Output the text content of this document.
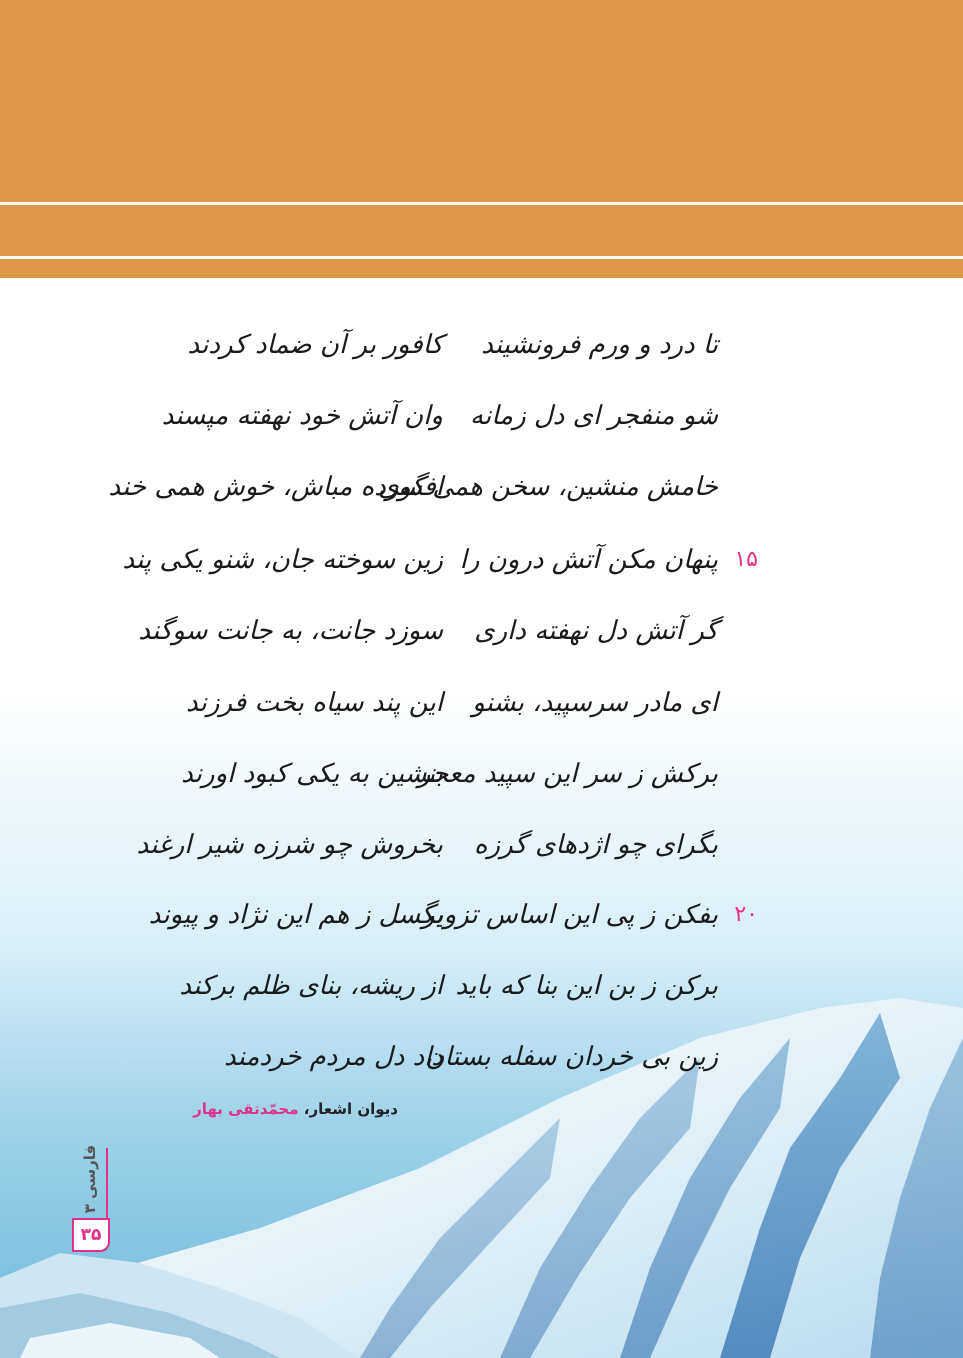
تا درد و ورم فرونشیند
کافور بر آن ضماد کردند
شو منفجر ای دل زمانه
وان آتش خود نهفته مپسند
خامش منشین، سخن همی گوی
افسرده مباش، خوش همی خند
۱۵
پنهان مکن آتش درون را
زین سوخته جان، شنو یکی پند
گر آتش دل نهفته داری
سوزد جانت، به جانت سوگند
ای مادر سرسپید، بشنو
این پند سیاه بخت فرزند
برکش ز سر این سپید معجر
بنشین به یکی کبود اورند
بگرای چو اژدهای گرزه
بخروش چو شرزه شیر ارغند
۲۰
بفکن ز پی این اساس تزویر
بگسل ز هم این نژاد و پیوند
برکن ز بن این بنا که باید
از ریشه، بنای ظلم برکند
زین بی خردان سفله بستان
داد دل مردم خردمند
دیوان اشعار، محمّدتقی بهار
فارسی ۳
۳۵
